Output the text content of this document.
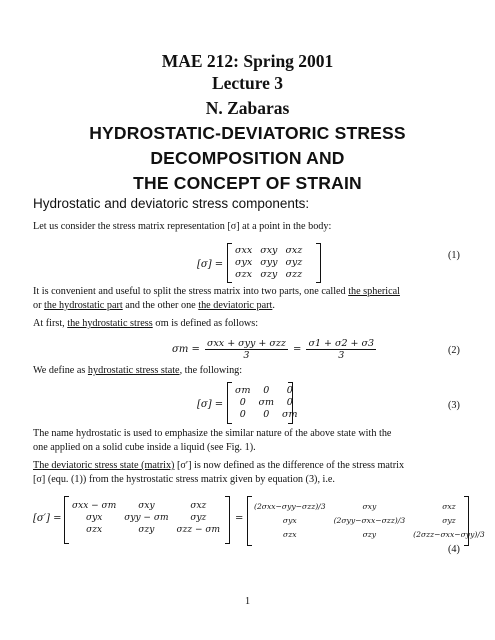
MAE 212: Spring 2001
Lecture 3
N. Zabaras
HYDROSTATIC-DEVIATORIC STRESS
DECOMPOSITION AND
THE CONCEPT OF STRAIN
Hydrostatic and deviatoric stress components:
Let us consider the stress matrix representation [σ] at a point in the body:
[σ] =
σxx	σxy	σxz
σyx	σyy	σyz
σzx	σzy	σzz
(1)
It is convenient and useful to split the stress matrix into two parts, one called the spherical
or the hydrostatic part and the other one the deviatoric part.
At first, the hydrostatic stress σm is defined as follows:
$\sigma m = \frac{\text{σxx + σyy + σzz}}{3} = \frac{\sigma 1 + \sigma 2 + \sigma 3}{3}$	(2)
We define as hydrostatic stress state, the following:
[σ] =
σm	0	0
0	σm	0
0	0	σm
(3)
The name hydrostatic is used to emphasize the similar nature of the above state with the
one applied on a solid cube inside a liquid (see Fig. 1).
The deviatoric stress state (matrix) [σ′] is now defined as the difference of the stress matrix
[σ] (equ. (1)) from the hystrostatic stress matrix given by equation (3), i.e.
[σ′] =
σxx − σm	σxy	σxz
σyx	σyy − σm	σyz
σzx	σzy	σzz − σm
=
(2σxx−σyy−σzz)/3	σxy	σxz
σyx	(2σyy−σxx−σzz)/3	σyz
σzx	σzy	(2σzz−σxx−σyy)/3
(4)
1
